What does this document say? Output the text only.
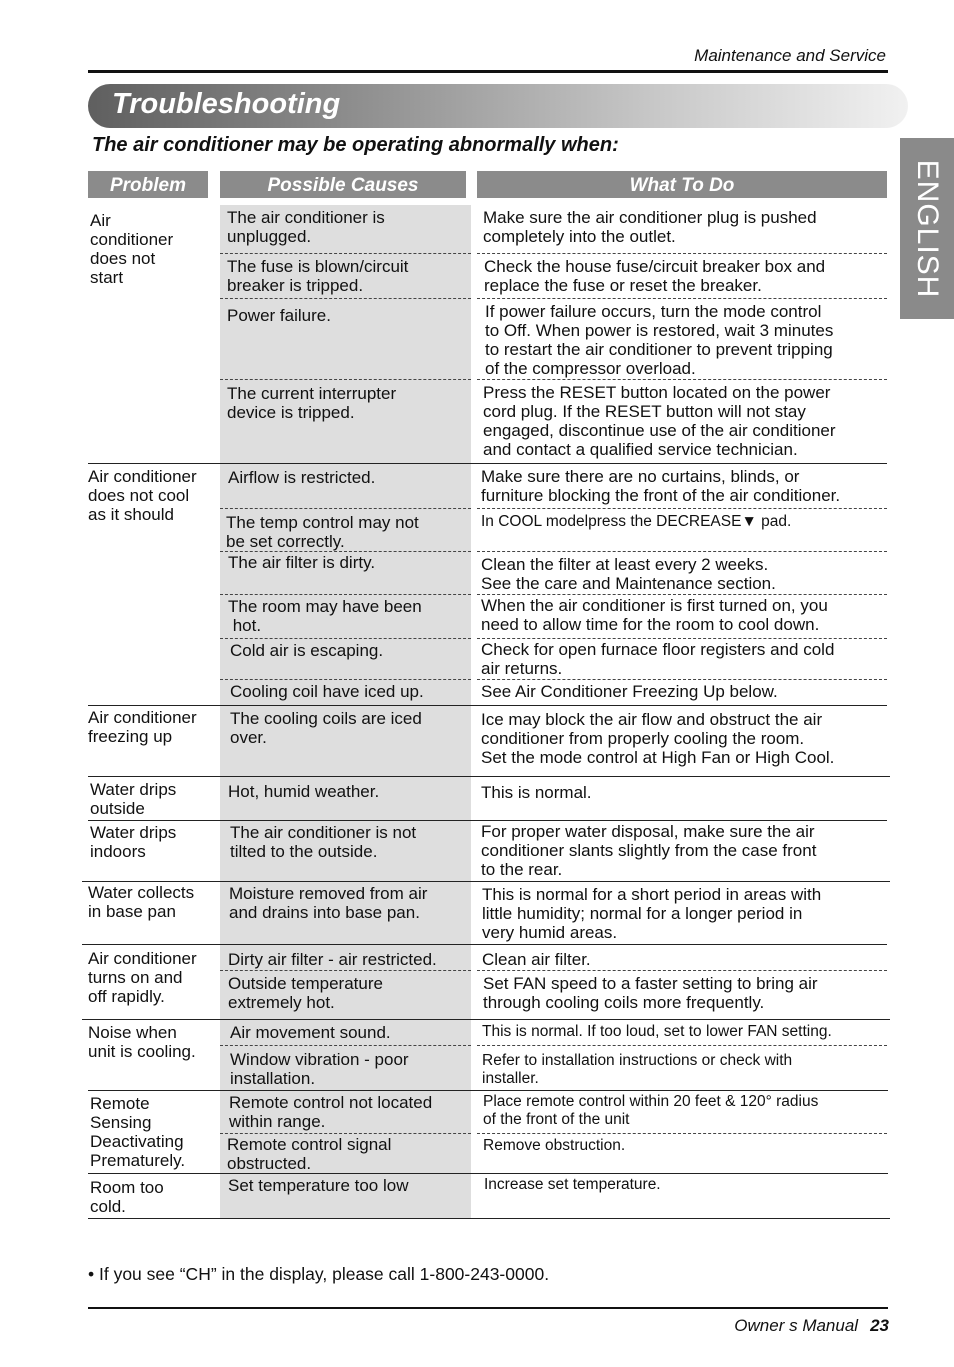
Maintenance and Service
Troubleshooting
ENGLISH
The air conditioner may be operating abnormally when:
Problem	Possible Causes	What To Do
Air
conditioner
does not
start
Air conditioner
does not cool
as it should
Air conditioner
freezing up
Water drips
outside
Water drips
indoors
Water collects
in base pan
Air conditioner
turns on and
off rapidly.
Noise when
unit is cooling.
Remote
Sensing
Deactivating
Prematurely.
Room too
cold.
The air conditioner is
unplugged.
The fuse is blown/circuit
breaker is tripped.
Power failure.
The current interrupter
device is tripped.
Airflow is restricted.
The temp control may not
be set correctly.
The air filter is dirty.
The room may have been
hot.
Cold air is escaping.
Cooling coil have iced up.
The cooling coils are iced
over.
Hot, humid weather.
The air conditioner is not
tilted to the outside.
Moisture removed from air
and drains into base pan.
Dirty air filter - air restricted.
Outside temperature
extremely hot.
Air movement sound.
Window vibration - poor
installation.
Remote control not located
within range.
Remote control signal
obstructed.
Set temperature too low
Make sure the air conditioner plug is pushed
completely into the outlet.
Check the house fuse/circuit breaker box and
replace the fuse or reset the breaker.
If power failure occurs, turn the mode control
to Off. When power is restored, wait 3 minutes
to restart the air conditioner to prevent tripping
of the compressor overload.
Press the RESET button located on the power
cord plug. If the RESET button will not stay
engaged, discontinue use of the air conditioner
and contact a qualified service technician.
Make sure there are no curtains, blinds, or
furniture blocking the front of the air conditioner.
In COOL modelpress the DECREASE▼ pad.
Clean the filter at least every 2 weeks.
See the care and Maintenance section.
When the air conditioner is first turned on, you
need to allow time for the room to cool down.
Check for open furnace floor registers and cold
air returns.
See Air Conditioner Freezing Up below.
Ice may block the air flow and obstruct the air
conditioner from properly cooling the room.
Set the mode control at High Fan or High Cool.
This is normal.
For proper water disposal, make sure the air
conditioner slants slightly from the case front
to the rear.
This is normal for a short period in areas with
little humidity; normal for a longer period in
very humid areas.
Clean air filter.
Set FAN speed to a faster setting to bring air
through cooling coils more frequently.
This is normal. If too loud, set to lower FAN setting.
Refer to installation instructions or check with
installer.
Place remote control within 20 feet & 120° radius
of the front of the unit
Remove obstruction.
Increase set temperature.
• If you see “CH” in the display, please call 1-800-243-0000.
Owner s Manual 23
